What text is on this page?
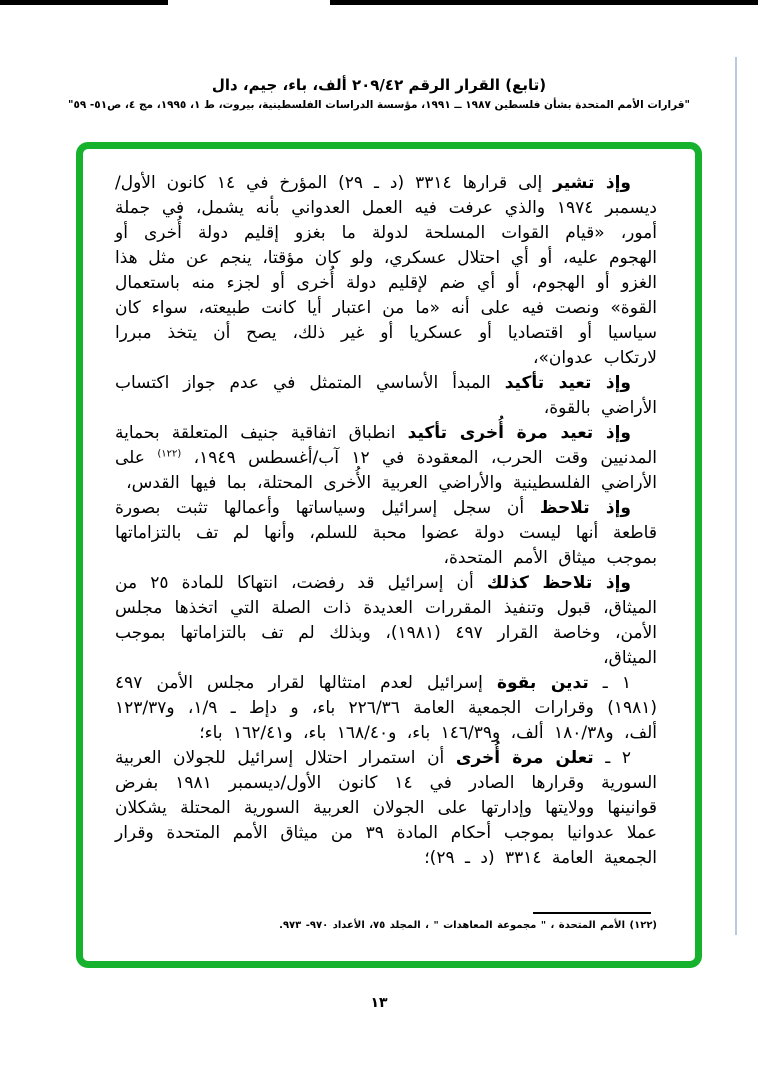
(تابع) القرار الرقم ٢٠٩/٤٢ ألف، باء، جيم، دال
"قرارات الأمم المتحدة بشأن فلسطين ١٩٨٧ ــ ١٩٩١، مؤسسة الدراسات الفلسطينية، بيروت، ط ١، ١٩٩٥، مج ٤، ص٥١- ٥٩"

وإذ تشير إلى قرارها ٣٣١٤ (د ـ ٢٩) المؤرخ في ١٤ كانون الأول/ديسمبر ١٩٧٤ والذي عرفت فيه العمل العدواني بأنه يشمل، في جملة أمور، «قيام القوات المسلحة لدولة ما بغزو إقليم دولة أُخرى أو الهجوم عليه، أو أي احتلال عسكري، ولو كان مؤقتا، ينجم عن مثل هذا الغزو أو الهجوم، أو أي ضم لإقليم دولة أُخرى أو لجزء منه باستعمال القوة» ونصت فيه على أنه «ما من اعتبار أيا كانت طبيعته، سواء كان سياسيا أو اقتصاديا أو عسكريا أو غير ذلك، يصح أن يتخذ مبررا لارتكاب عدوان»،

وإذ تعيد تأكيد المبدأ الأساسي المتمثل في عدم جواز اكتساب الأراضي بالقوة،

وإذ تعيد مرة أُخرى تأكيد انطباق اتفاقية جنيف المتعلقة بحماية المدنيين وقت الحرب، المعقودة في ١٢ آب/أغسطس ١٩٤٩، $^{(١٢٢)}$ على الأراضي الفلسطينية والأراضي العربية الأُخرى المحتلة، بما فيها القدس،

وإذ تلاحظ أن سجل إسرائيل وسياساتها وأعمالها تثبت بصورة قاطعة أنها ليست دولة عضوا محبة للسلم، وأنها لم تف بالتزاماتها بموجب ميثاق الأمم المتحدة،

وإذ تلاحظ كذلك أن إسرائيل قد رفضت، انتهاكا للمادة ٢٥ من الميثاق، قبول وتنفيذ المقررات العديدة ذات الصلة التي اتخذها مجلس الأمن، وخاصة القرار ٤٩٧ (١٩٨١)، وبذلك لم تف بالتزاماتها بموجب الميثاق،

١ ـ تدين بقوة إسرائيل لعدم امتثالها لقرار مجلس الأمن ٤٩٧ (١٩٨١) وقرارات الجمعية العامة ٢٢٦/٣٦ باء، و دإط ـ ١/٩، و١٢٣/٣٧ ألف، و١٨٠/٣٨ ألف، و١٤٦/٣٩ باء، و١٦٨/٤٠ باء، و١٦٢/٤١ باء؛

٢ ـ تعلن مرة أُخرى أن استمرار احتلال إسرائيل للجولان العربية السورية وقرارها الصادر في ١٤ كانون الأول/ديسمبر ١٩٨١ بفرض قوانينها وولايتها وإدارتها على الجولان العربية السورية المحتلة يشكلان عملا عدوانيا بموجب أحكام المادة ٣٩ من ميثاق الأمم المتحدة وقرار الجمعية العامة ٣٣١٤ (د ـ ٢٩)؛

(١٢٢) الأمم المتحدة ، " مجموعة المعاهدات " ، المجلد ٧٥، الأعداد ٩٧٠- ٩٧٣.
١٣
